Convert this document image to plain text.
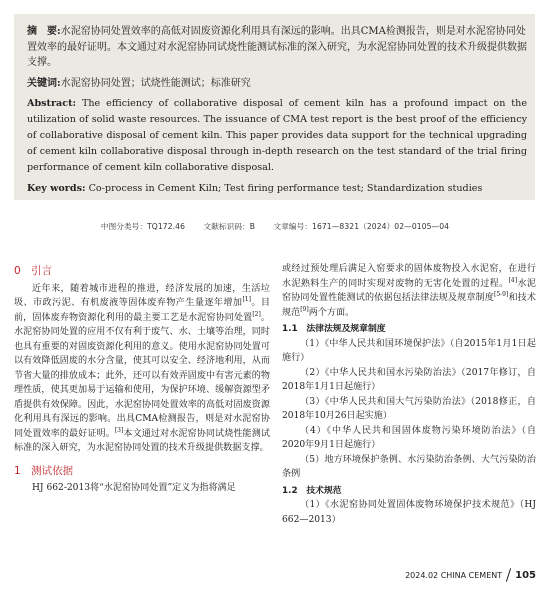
摘　要:水泥窑协同处置效率的高低对固废资源化利用具有深远的影响。出具CMA检测报告，则是对水泥窑协同处置效率的最好证明。本文通过对水泥窑协同试烧性能测试标准的深入研究，为水泥窑协同处置的技术升级提供数据支撑。

关键词:水泥窑协同处置；试烧性能测试；标准研究

Abstract: The efficiency of collaborative disposal of cement kiln has a profound impact on the utilization of solid waste resources. The issuance of CMA test report is the best proof of the efficiency of collaborative disposal of cement kiln. This paper provides data support for the technical upgrading of cement kiln collaborative disposal through in-depth research on the test standard of the trial firing performance of cement kiln collaborative disposal.

Key words: Co-process in Cement Kiln; Test firing performance test; Standardization studies

中图分类号：TQ172.46 文献标识码：B 文章编号：1671—8321（2024）02—0105—04

0　引言

近年来，随着城市进程的推进，经济发展的加速，生活垃圾、市政污泥、有机废液等固体废弃物产生量逐年增加[1]。目前，固体废弃物资源化利用的最主要工艺是水泥窑协同处置[2]。水泥窑协同处置的应用不仅有利于废气、水、土壤等治理，同时也具有重要的对固废资源化利用的意义。使用水泥窑协同处置可以有效降低固废的水分含量，使其可以安全、经济地利用，从而节省大量的排放成本；此外，还可以有效弄固废中有害元素的物理性质，使其更加易于运输和使用，为保护环境、缓解资源型矛盾提供有效保障。因此，水泥窑协同处置效率的高低对固废资源化利用具有深远的影响。出具CMA检测报告，则是对水泥窑协同处置效率的最好证明。[3]本文通过对水泥窑协同试烧性能测试标准的深入研究，为水泥窑协同处置的技术升级提供数据支撑。

1　测试依据

HJ 662-2013将“水泥窑协同处置”定义为指将满足

或经过预处理后满足入窑要求的固体废物投入水泥窑，在进行水泥熟料生产的同时实现对废物的无害化处置的过程。[4]水泥窑协同处置性能测试的依据包括法律法规及规章制度[5-9]和技术规范[9]两个方面。

1.1　法律法规及规章制度

（1）《中华人民共和国环境保护法》（自2015年1月1日起施行）

（2）《中华人民共和国水污染防治法》（2017年修订，自2018年1月1日起施行）

（3）《中华人民共和国大气污染防治法》（2018修正，自2018年10月26日起实施）

（4）《中华人民共和国固体废物污染环境防治法》（自2020年9月1日起施行）

（5）地方环境保护条例、水污染防治条例、大气污染防治条例

1.2　技术规范

（1）《水泥窑协同处置固体废物环境保护技术规范》（HJ 662—2013）

2024.02 CHINA CEMENT 105
